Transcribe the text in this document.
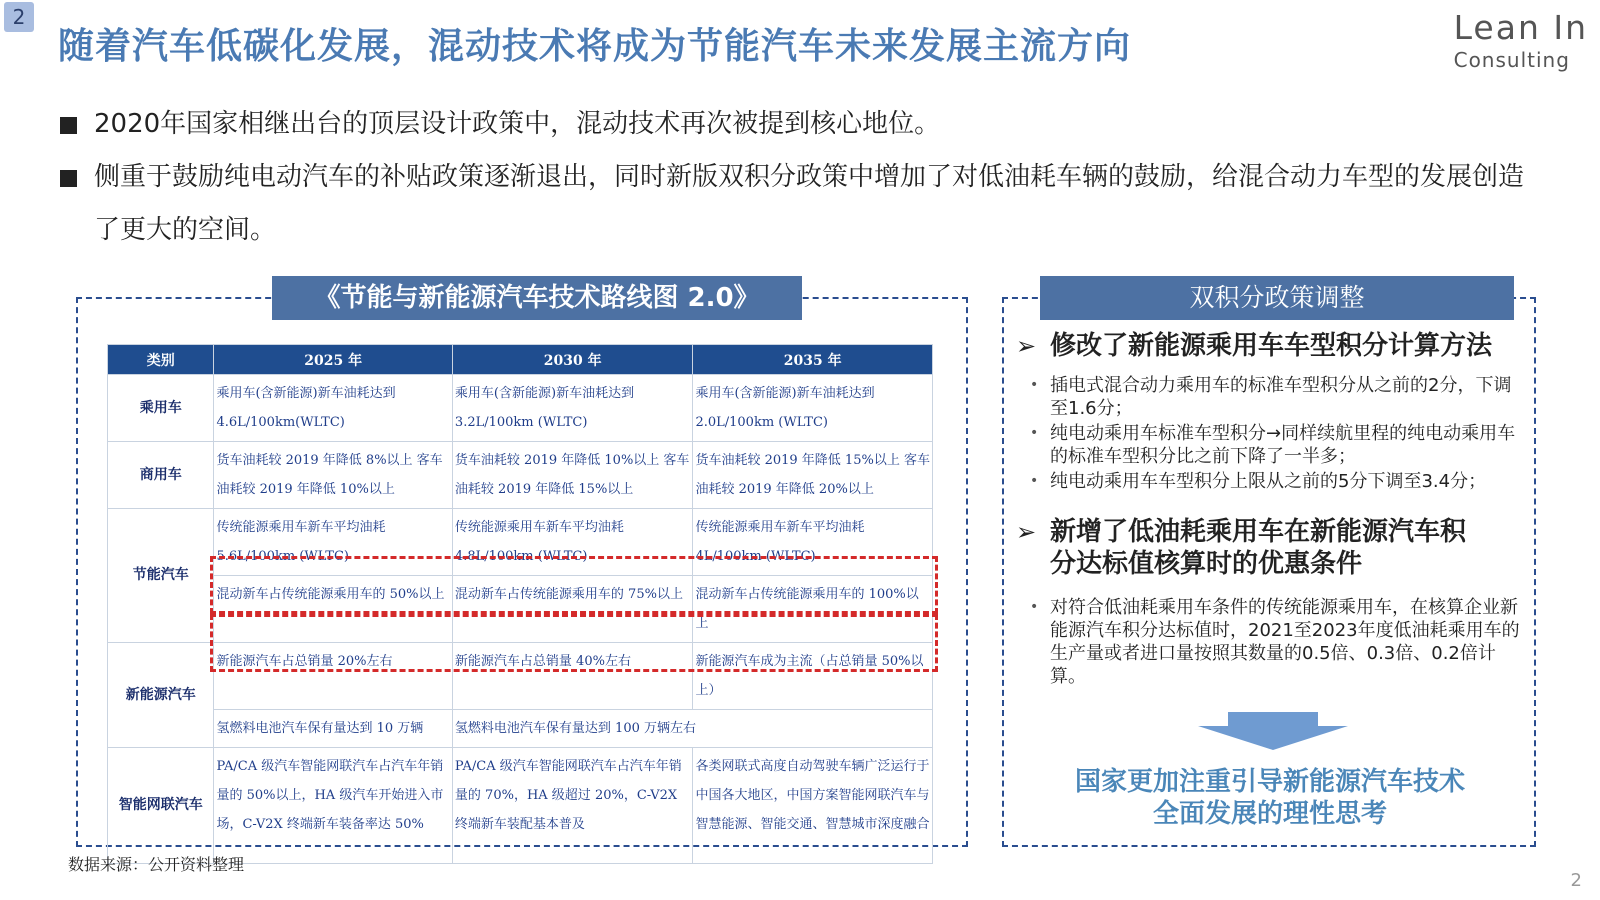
2
随着汽车低碳化发展，混动技术将成为节能汽车未来发展主流方向	Lean In
Consulting
2020年国家相继出台的顶层设计政策中，混动技术再次被提到核心地位。
侧重于鼓励纯电动汽车的补贴政策逐渐退出，同时新版双积分政策中增加了对低油耗车辆的鼓励，给混合动力车型的发展创造了更大的空间。
《节能与新能源汽车技术路线图 2.0》
类别	2025 年	2030 年	2035 年
乘用车	乘用车(含新能源)新车油耗达到 4.6L/100km(WLTC)	乘用车(含新能源)新车油耗达到 3.2L/100km (WLTC)	乘用车(含新能源)新车油耗达到 2.0L/100km (WLTC)
商用车	货车油耗较 2019 年降低 8%以上 客车油耗较 2019 年降低 10%以上	货车油耗较 2019 年降低 10%以上 客车油耗较 2019 年降低 15%以上	货车油耗较 2019 年降低 15%以上 客车油耗较 2019 年降低 20%以上
节能汽车	传统能源乘用车新车平均油耗 5.6L/100km (WLTC)	传统能源乘用车新车平均油耗 4.8L/100km (WLTC)	传统能源乘用车新车平均油耗 4L/100km (WLTC)
	混动新车占传统能源乘用车的 50%以上	混动新车占传统能源乘用车的 75%以上	混动新车占传统能源乘用车的 100%以上
新能源汽车	新能源汽车占总销量 20%左右	新能源汽车占总销量 40%左右	新能源汽车成为主流（占总销量 50%以上）
	氢燃料电池汽车保有量达到 10 万辆	氢燃料电池汽车保有量达到 100 万辆左右	
智能网联汽车	PA/CA 级汽车智能网联汽车占汽车年销量的 50%以上，HA 级汽车开始进入市场，C-V2X 终端新车装备率达 50%	PA/CA 级汽车智能网联汽车占汽车年销量的 70%，HA 级超过 20%，C-V2X 终端新车装配基本普及	各类网联式高度自动驾驶车辆广泛运行于中国各大地区，中国方案智能网联汽车与智慧能源、智能交通、智慧城市深度融合
数据来源：公开资料整理
2
双积分政策调整
➢ 修改了新能源乘用车车型积分计算方法
• 插电式混合动力乘用车的标准车型积分从之前的2分，下调至1.6分；
• 纯电动乘用车标准车型积分→同样续航里程的纯电动乘用车的标准车型积分比之前下降了一半多；
• 纯电动乘用车车型积分上限从之前的5分下调至3.4分；
➢ 新增了低油耗乘用车在新能源汽车积分达标值核算时的优惠条件
• 对符合低油耗乘用车条件的传统能源乘用车，在核算企业新能源汽车积分达标值时，2021至2023年度低油耗乘用车的生产量或者进口量按照其数量的0.5倍、0.3倍、0.2倍计算。
国家更加注重引导新能源汽车技术
全面发展的理性思考
